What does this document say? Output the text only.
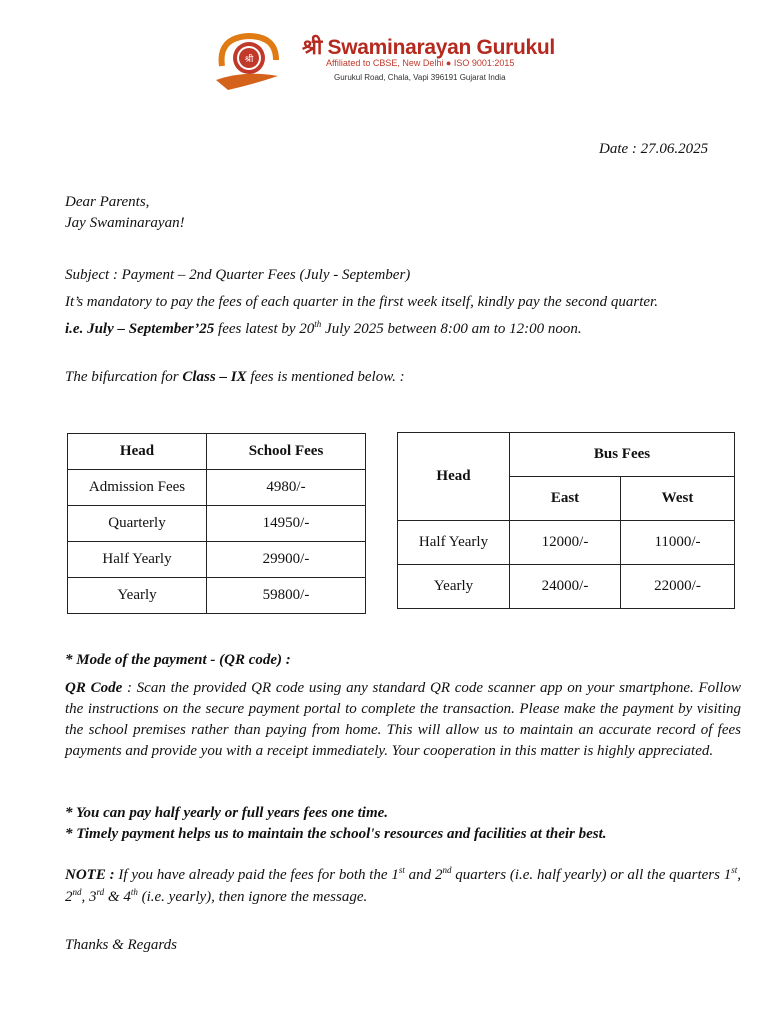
श्री
श्री Swaminarayan Gurukul
Affiliated to CBSE, New Delhi ● ISO 9001:2015
Gurukul Road, Chala, Vapi 396191 Gujarat India
Date : 27.06.2025
Dear Parents,
Jay Swaminarayan!
Subject : Payment – 2nd Quarter Fees (July - September)
It’s mandatory to pay the fees of each quarter in the first week itself, kindly pay the second quarter.
i.e. July – September’25 fees latest by 20th July 2025 between 8:00 am to 12:00 noon.
The bifurcation for Class – IX fees is mentioned below. :
Head	School Fees
Admission Fees	4980/-
Quarterly	14950/-
Half Yearly	29900/-
Yearly	59800/-
Head	Bus Fees	
	East	West
Half Yearly	12000/-	11000/-
Yearly	24000/-	22000/-
* Mode of the payment - (QR code) :
QR Code : Scan the provided QR code using any standard QR code scanner app on your smartphone. Follow the instructions on the secure payment portal to complete the transaction. Please make the payment by visiting the school premises rather than paying from home. This will allow us to maintain an accurate record of fees payments and provide you with a receipt immediately. Your cooperation in this matter is highly appreciated.
* You can pay half yearly or full years fees one time.
* Timely payment helps us to maintain the school's resources and facilities at their best.
NOTE : If you have already paid the fees for both the 1st and 2nd quarters (i.e. half yearly) or all the quarters 1st, 2nd, 3rd & 4th (i.e. yearly), then ignore the message.
Thanks & Regards
